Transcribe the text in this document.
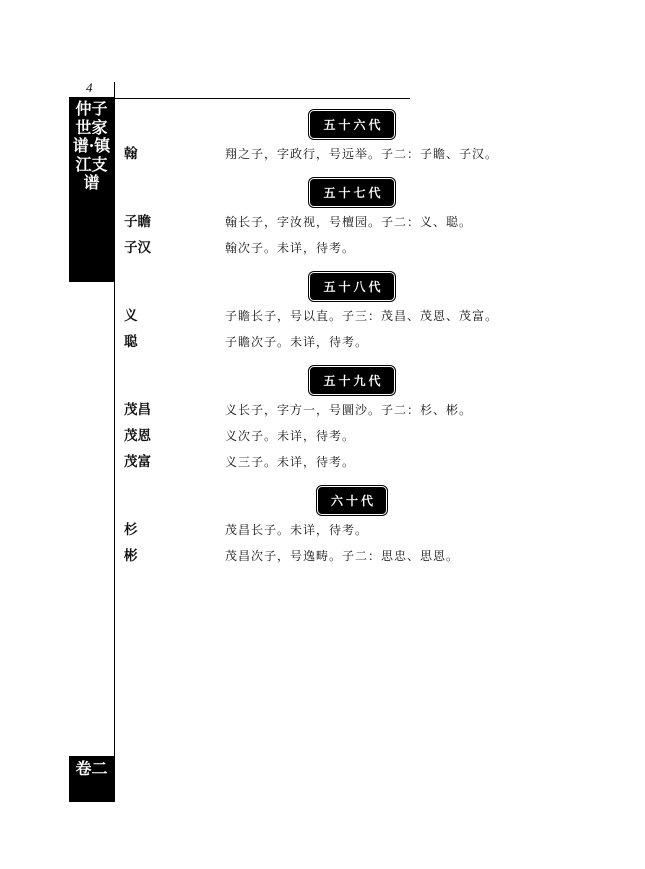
4
仲子世家谱·镇江支谱
卷二
五十六代
翰	翔之子，字政行，号远举。子二：子瞻、子汉。
五十七代
子瞻	翰长子，字汝视，号檀园。子二：义、聪。
子汉	翰次子。未详，待考。
五十八代
义	子瞻长子，号以直。子三：茂昌、茂恩、茂富。
聪	子瞻次子。未详，待考。
五十九代
茂昌	义长子，字方一，号圜沙。子二：杉、彬。
茂恩	义次子。未详，待考。
茂富	义三子。未详，待考。
六十代
杉	茂昌长子。未详，待考。
彬	茂昌次子，号逸畴。子二：思忠、思恩。
